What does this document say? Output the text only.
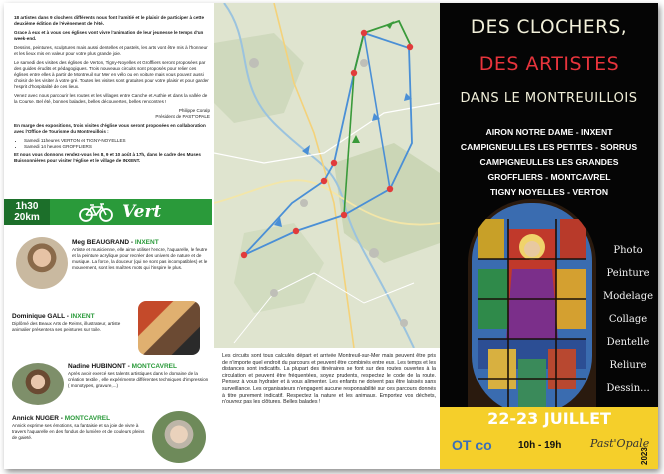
18 artistes dans 9 clochers différents nous font l'amitié et le plaisir de participer à cette deuxième édition de l'évènement de l'été.

Grace à eux et à vous ces églises vont vivre l'animation de leur jeunesse le temps d'un week-end.

Dessins, peintures, sculptures mais aussi dentelles et pastels, les arts vont être mis à l'honneur et les lieux mis en valeur pour votre plus grande joie.

Le samedi des visites des églises de Verton, Tigny-Noyelles et Groffliers seront proposées par des guides érudits et pédagogiques. Trois nouveaux circuits sont proposés pour relier ces églises entre elles à partir de Montreuil sur Mer en vélo ou en voiture mais vous pouvez aussi choisir de les visiter à votre gré. Toutes les visites sont gratuites pour votre plaisir et pour garder l'esprit d'hospitalité de ces lieux.

Venez avec nous parcourir les routes et les villages entre Canche et Authie et dans la vallée de la Course. Bel été, bonnes balades, belles découvertes, belles rencontres !

Philippe Coralp
Président de PAST'OPALE

En marge des expositions, trois visites d'église vous seront proposées en collaboration avec l'Office de Tourisme du Montreuillois :

• Samedi 11heures VERTON et TIGNY-NOYELLES
• Samedi 14 heures GROFFLIERS

Et nous vous donnons rendez-vous les 8, 9 et 10 août à 17h, dans le cadre des Muses Buissonnières pour visiter l'église et le village de INXENT.

1h30
20km	Vert
Meg BEAUGRAND - INXENT
Artiste et musicienne, elle aime utiliser l'encre, l'aquarelle, le feutre et la peinture acrylique pour recréer des univers de nature et de musique. La force, la douceur (qui ne sont pas incompatibles) et le mouvement, sont les maîtres mots qui l'inspire le plus.
Dominique GALL - INXENT
Diplômé des Beaux Arts de Reims, illustrateur, artiste animalier présentera ses peintures sur toile.
Nadine HUBINONT - MONTCAVREL
Après avoir exercé ses talents artistiques dans le domaine de la création textile , elle expérimente différentes techniques d'impression ( monotypes, gravure,...)
Annick NUGER - MONTCAVREL
Annick exprime ses émotions, sa fantaisie et sa joie de vivre à travers l'aquarelle en des fondus de lumière et de couleurs pleins de gaieté.
Les circuits sont tous calculés départ et arrivée Montreuil-sur-Mer mais peuvent être pris de n'importe quel endroit du parcours et peuvent être combinés entre eux. Les temps et les distances sont indicatifs. La plupart des itinéraires se font sur des routes ouvertes à la circulation et peuvent être fréquentées, soyez prudents, respectez le code de la route. Pensez à vous hydrater et à vous alimenter. Les enfants ne doivent pas être laissés sans surveillance. Les organisateurs n'engagent aucune responsabilité sur ces parcours donnés à titre purement indicatif. Respectez la nature et les animaux. Emportez vos déchets, n'ouvrez pas les clôtures. Belles balades !
DES CLOCHERS,
DES ARTISTES
DANS LE MONTREUILLOIS
AIRON NOTRE DAME - INXENT
CAMPIGNEULLES LES PETITES - SORRUS
CAMPIGNEULLES LES GRANDES
GROFFLIERS - MONTCAVREL
TIGNY NOYELLES - VERTON
Photo
Peinture
Modelage
Collage
Dentelle
Reliure
Dessin...
22-23 JUILLET
OT co	10h - 19h	Past'Opale
2023
